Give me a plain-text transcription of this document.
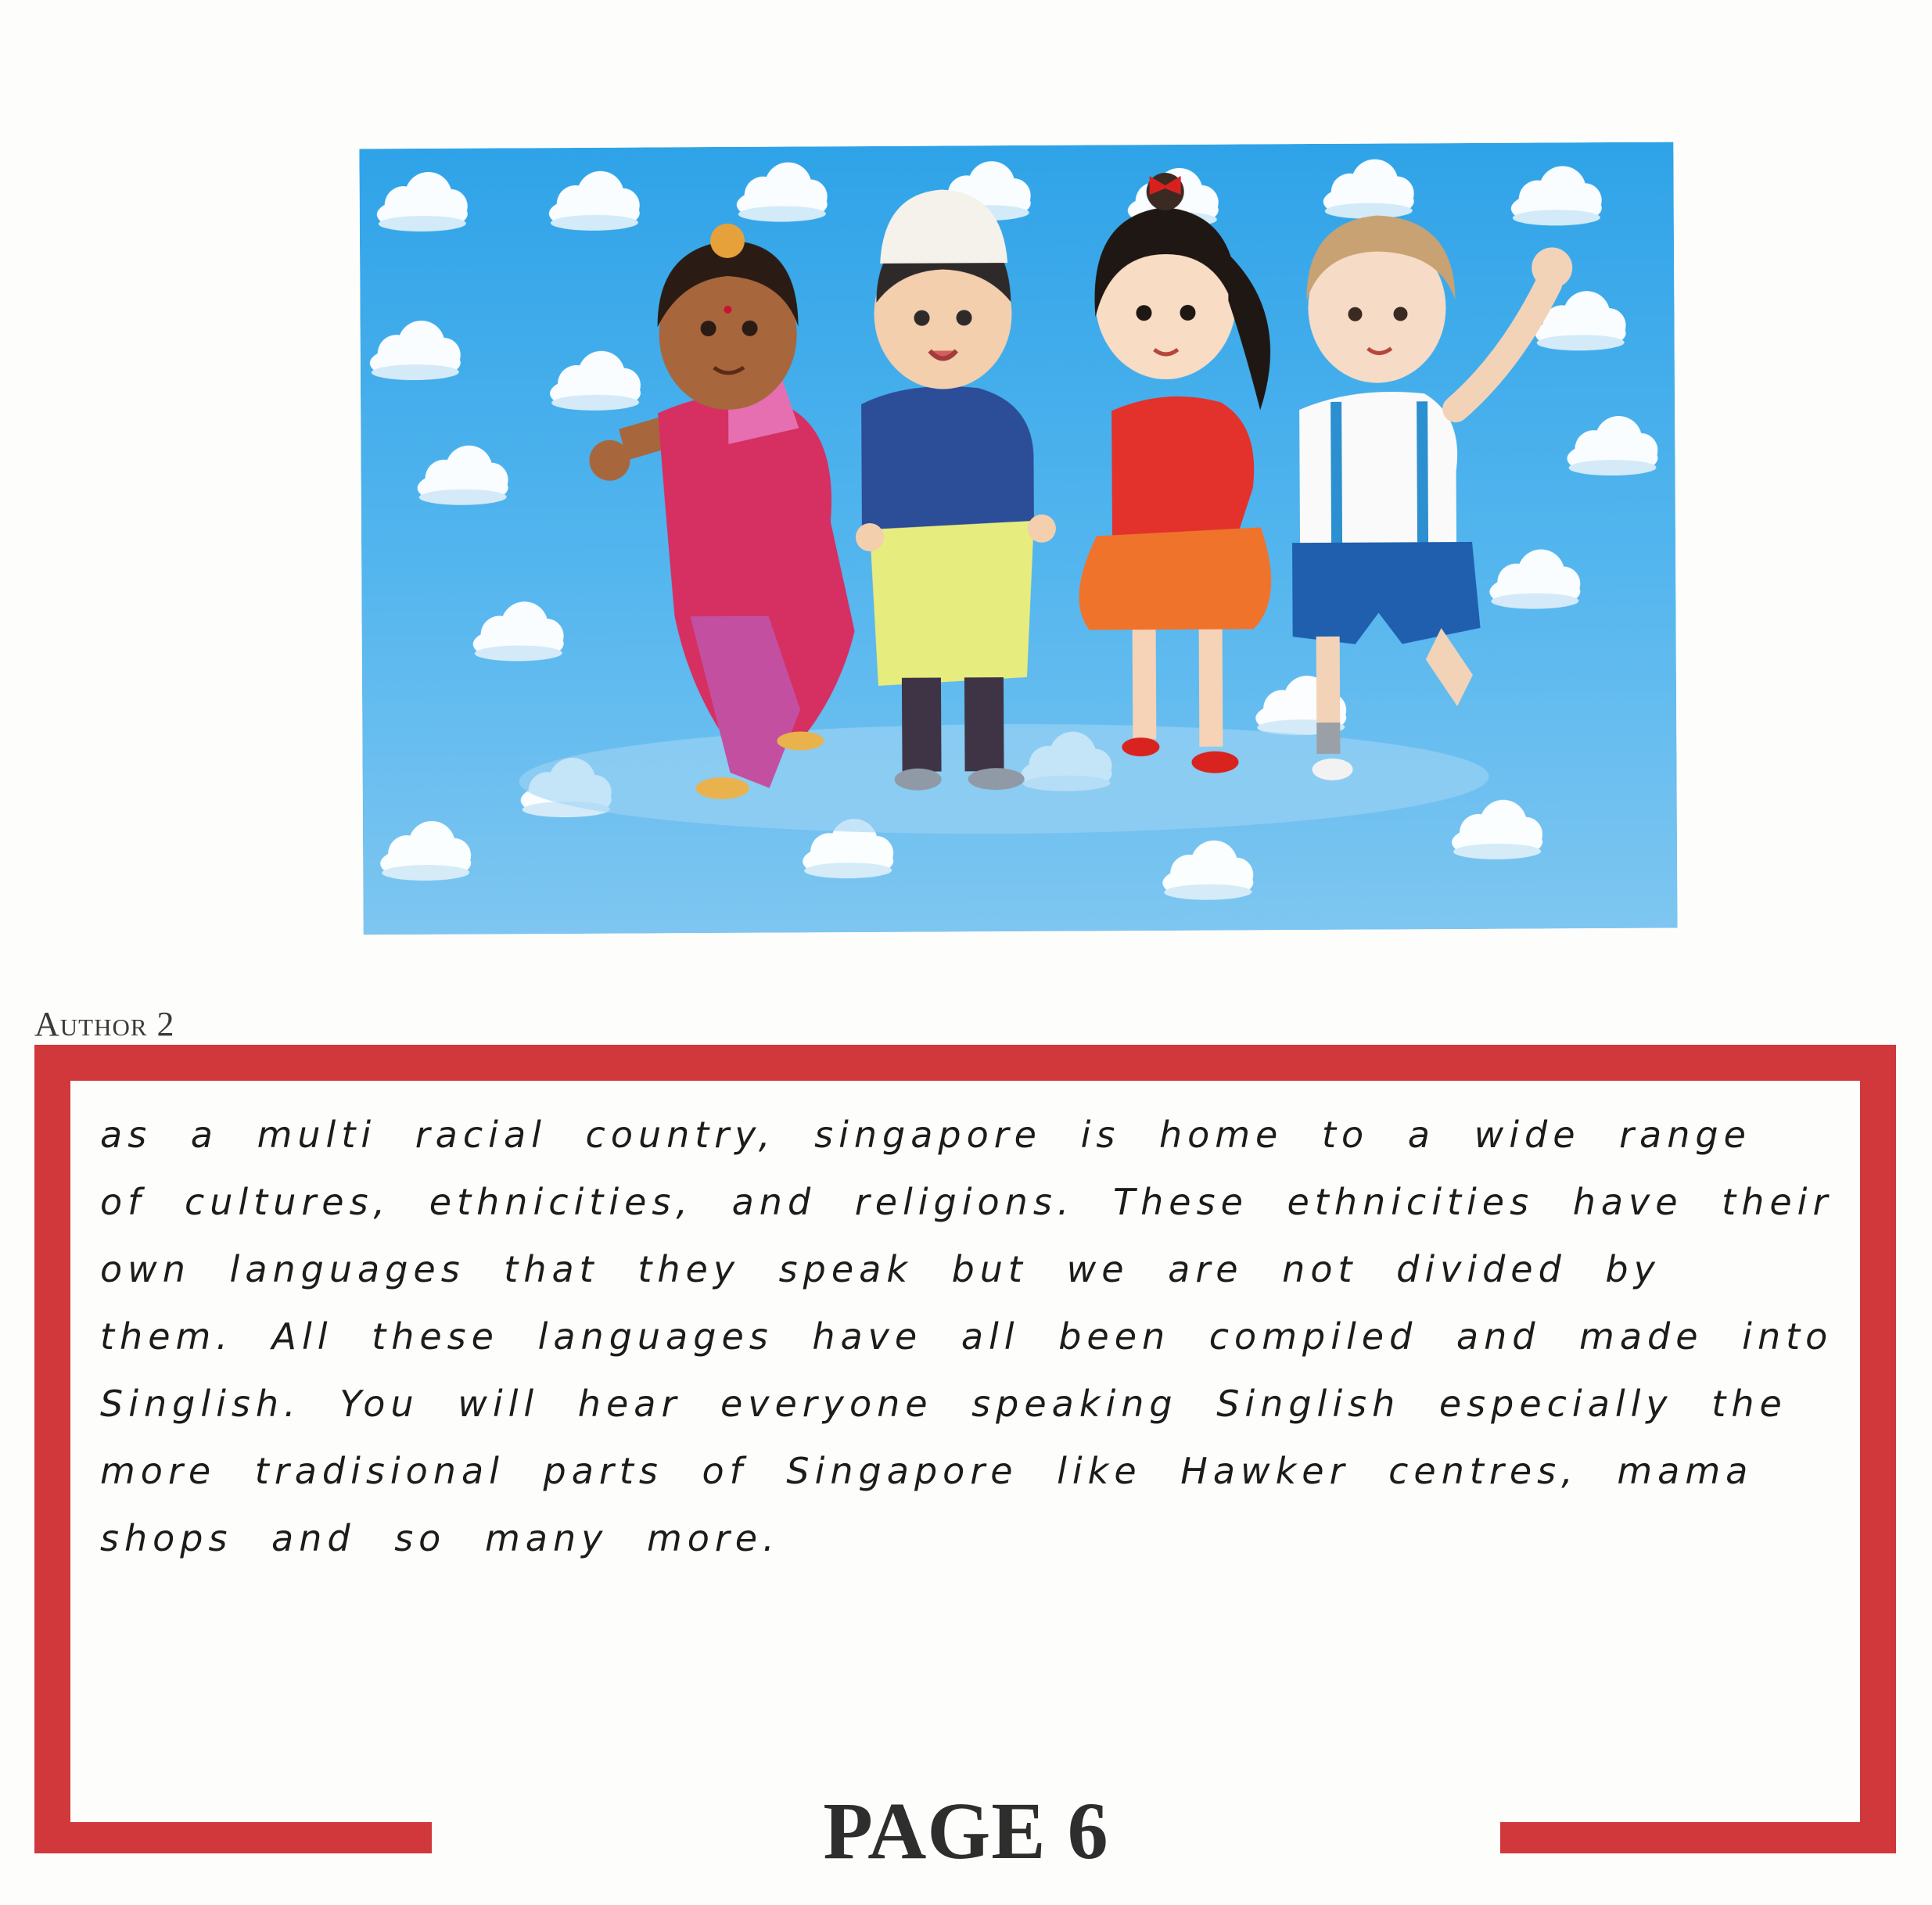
Author 2
as a multi racial country, singapore is home to a wide range
of cultures, ethnicities, and religions. These ethnicities have their
own languages that they speak but we are not divided by
them. All these languages have all been compiled and made into
Singlish. You will hear everyone speaking Singlish especially the
more tradisional parts of Singapore like Hawker centres, mama
shops and so many more.
PAGE 6
